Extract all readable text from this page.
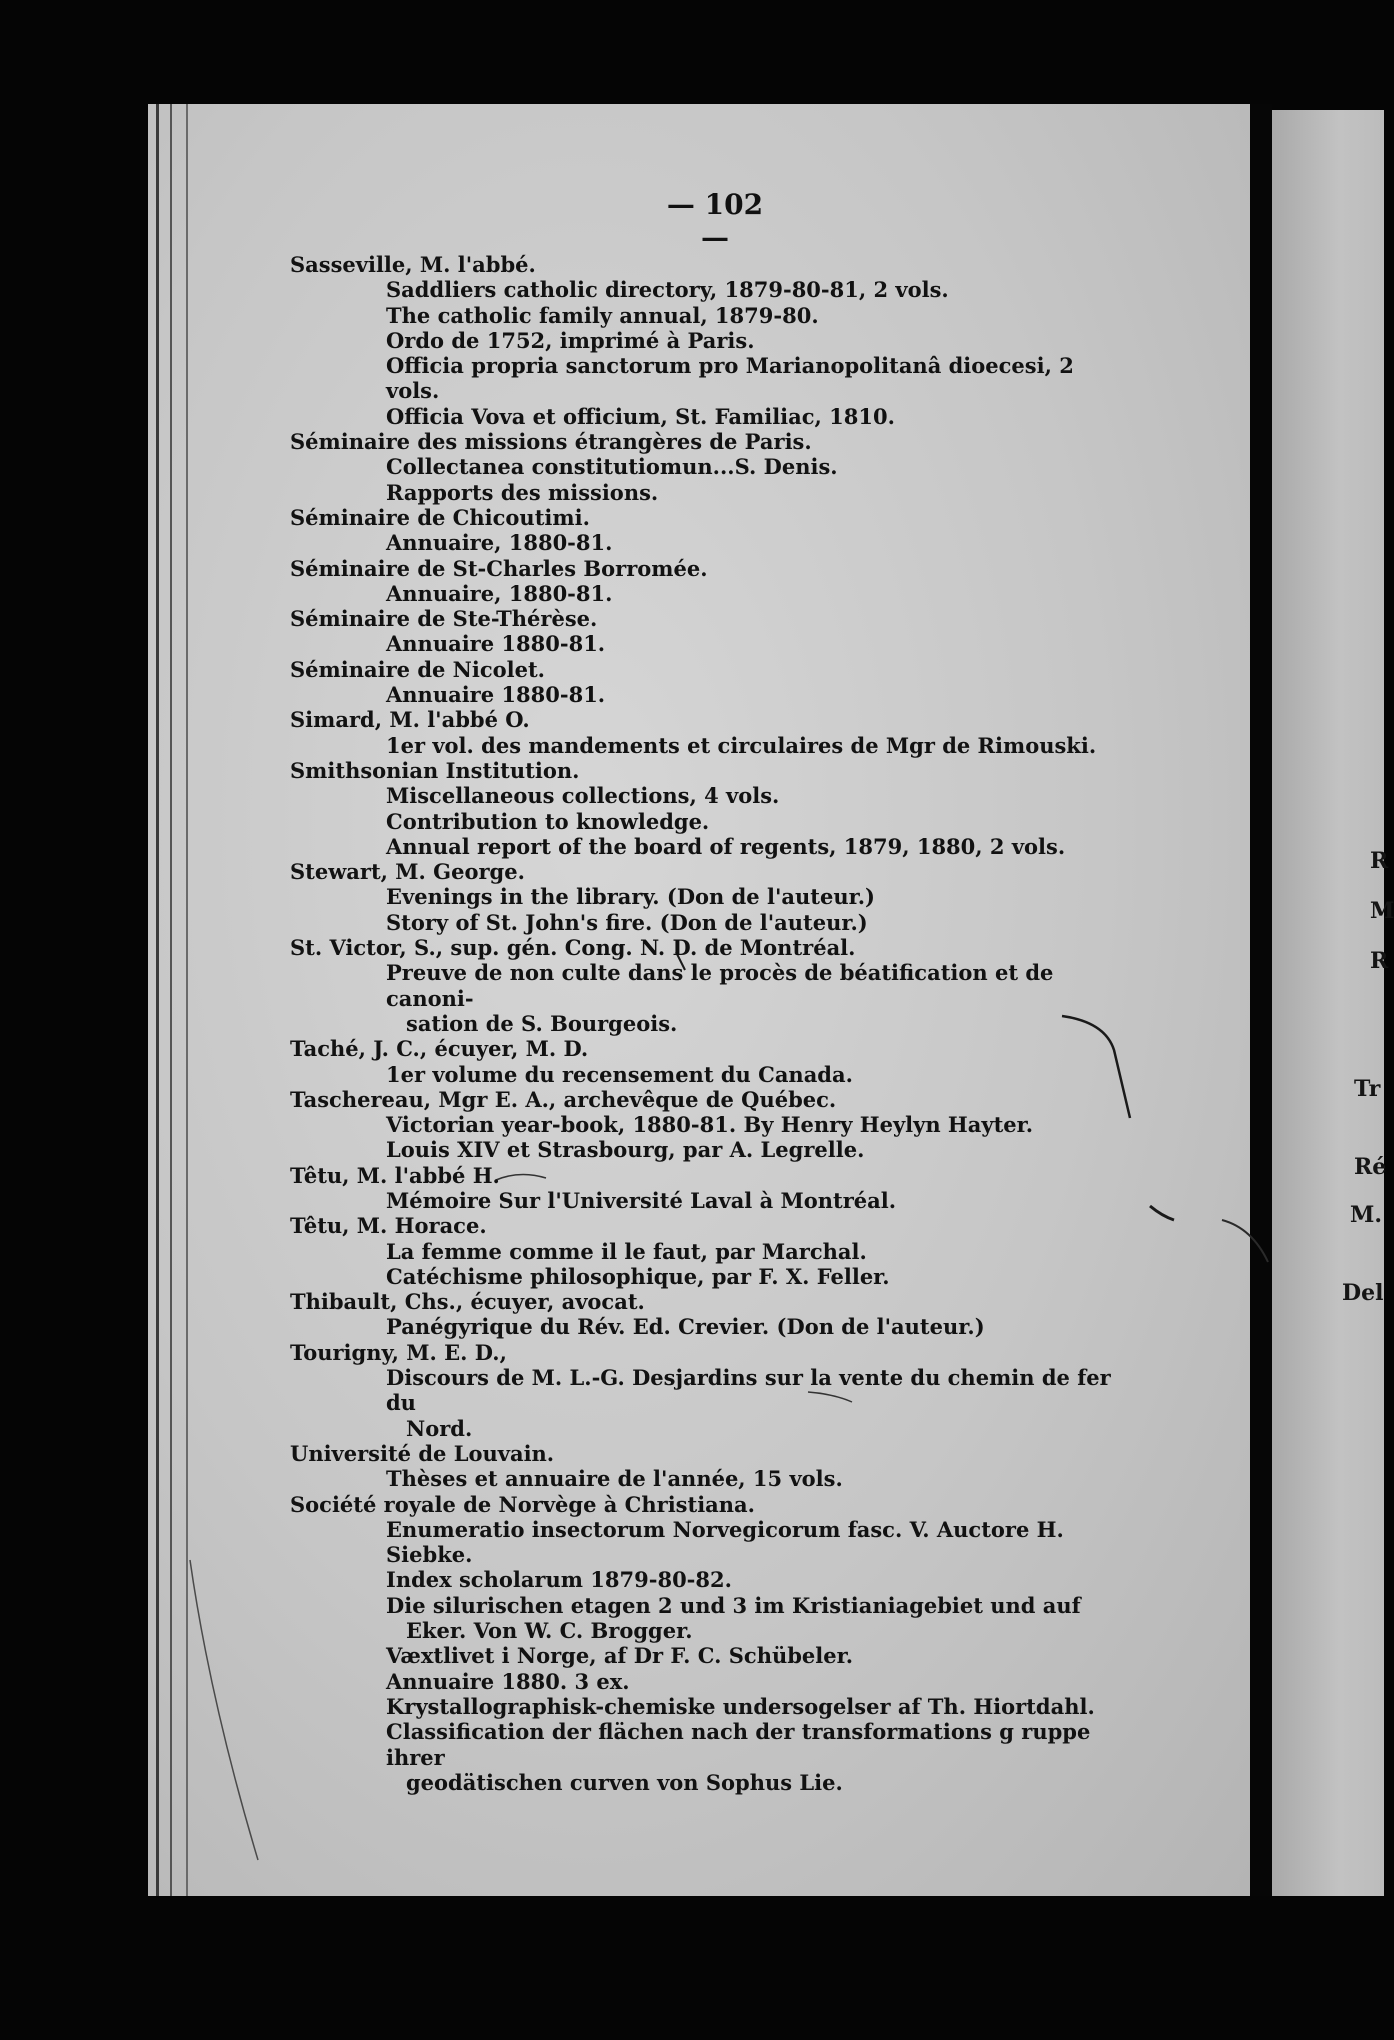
R
M
R
Tr
Ré
M.
Del
— 102 —
Sasseville, M. l'abbé.
Saddliers catholic directory, 1879-80-81, 2 vols.
The catholic family annual, 1879-80.
Ordo de 1752, imprimé à Paris.
Officia propria sanctorum pro Marianopolitanâ dioecesi, 2 vols.
Officia Vova et officium, St. Familiac, 1810.
Séminaire des missions étrangères de Paris.
Collectanea constitutiomun...S. Denis.
Rapports des missions.
Séminaire de Chicoutimi.
Annuaire, 1880-81.
Séminaire de St-Charles Borromée.
Annuaire, 1880-81.
Séminaire de Ste-Thérèse.
Annuaire 1880-81.
Séminaire de Nicolet.
Annuaire 1880-81.
Simard, M. l'abbé O.
1er vol. des mandements et circulaires de Mgr de Rimouski.
Smithsonian Institution.
Miscellaneous collections, 4 vols.
Contribution to knowledge.
Annual report of the board of regents, 1879, 1880, 2 vols.
Stewart, M. George.
Evenings in the library. (Don de l'auteur.)
Story of St. John's fire. (Don de l'auteur.)
St. Victor, S., sup. gén. Cong. N. D. de Montréal.
Preuve de non culte dans le procès de béatification et de canoni-
sation de S. Bourgeois.
Taché, J. C., écuyer, M. D.
1er volume du recensement du Canada.
Taschereau, Mgr E. A., archevêque de Québec.
Victorian year-book, 1880-81. By Henry Heylyn Hayter.
Louis XIV et Strasbourg, par A. Legrelle.
Têtu, M. l'abbé H.
Mémoire Sur l'Université Laval à Montréal.
Têtu, M. Horace.
La femme comme il le faut, par Marchal.
Catéchisme philosophique, par F. X. Feller.
Thibault, Chs., écuyer, avocat.
Panégyrique du Rév. Ed. Crevier. (Don de l'auteur.)
Tourigny, M. E. D.,
Discours de M. L.-G. Desjardins sur la vente du chemin de fer du
Nord.
Université de Louvain.
Thèses et annuaire de l'année, 15 vols.
Société royale de Norvège à Christiana.
Enumeratio insectorum Norvegicorum fasc. V. Auctore H. Siebke.
Index scholarum 1879-80-82.
Die silurischen etagen 2 und 3 im Kristianiagebiet und auf
Eker. Von W. C. Brogger.
Væxtlivet i Norge, af Dr F. C. Schübeler.
Annuaire 1880. 3 ex.
Krystallographisk-chemiske undersogelser af Th. Hiortdahl.
Classification der flächen nach der transformations g ruppe ihrer
geodätischen curven von Sophus Lie.
